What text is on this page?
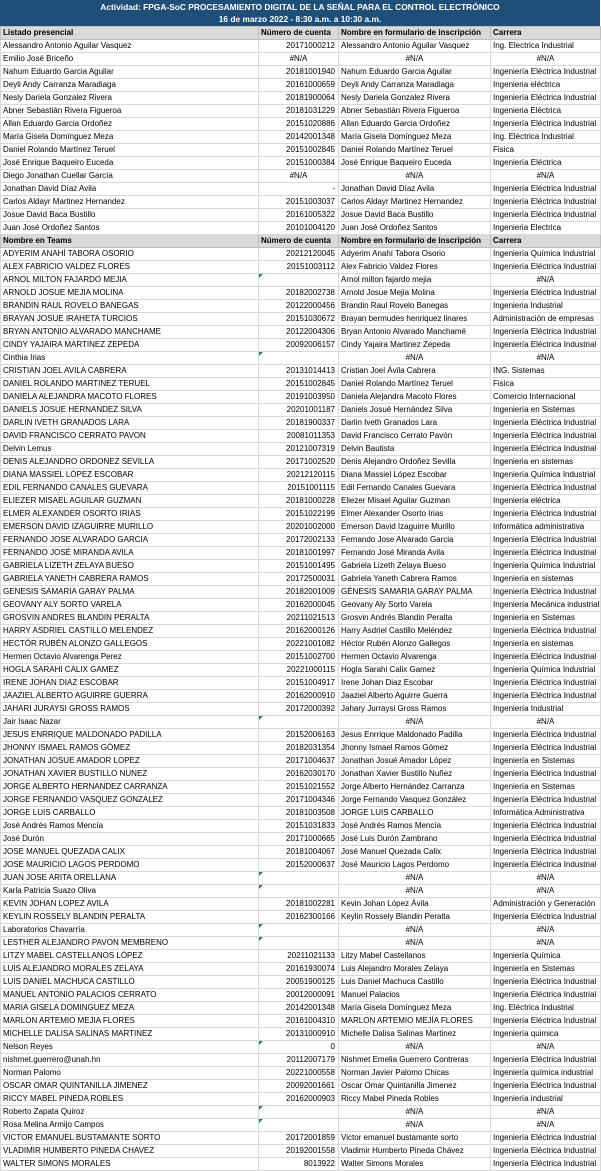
Actividad: FPGA-SoC PROCESAMIENTO DIGITAL DE LA SEÑAL PARA EL CONTROL ELECTRÓNICO
16 de marzo 2022 - 8:30 a.m. a 10:30 a.m.
Listado presencial	Número de cuenta	Nombre en formulario de inscripción	Carrera
Alessandro Antonio Aguilar Vasquez	20171000212	Alessandro Antonio Aguilar Vasquez	Ing. Electrica Industrial
Emilio José Briceño	#N/A	#N/A	#N/A
Nahum Eduardo Garcia Aguilar	20181001940	Nahum Eduardo Garcia Aguilar	Ingeniería Eléctrica Industrial
Deyli Andy Carranza Maradiaga	20161000659	Deyli Andy Carranza Maradiaga	Ingenieria eléctrica
Nesly Dariela Gonzalez Rivera	20181900064	Nesly Dariela Gonzalez Rivera	Ingeniería Eléctrica Industrial
Abner Sebastián Rivera Figueroa	20181031229	Abner Sebastián Rivera Figueroa	Ingenieria Eléctrica
Allan Eduardo Garcia Ordoñez	20151020886	Allan Eduardo Garcia Ordoñez	Ingeniería Eléctrica Industrial
María Gisela Domínguez Meza	20142001348	María Gisela Domínguez Meza	Ing. Eléctrica Industrial
Daniel Rolando Martínez Teruel	20151002845	Daniel Rolando Martínez Teruel	Fisica
José Enrique Baqueiro Euceda	20151000384	José Enrique Baqueiro Euceda	Ingeniería Eléctrica
Diego Jonathan Cuellar García	#N/A	#N/A	#N/A
Jonathan David Díaz Avila	-	Jonathan David Díaz Avila	Ingeniería Eléctrica Industrial
Carlos Aldayr Martinez Hernandez	20151003037	Carlos Aldayr Martinez Hernandez	Ingeniería Eléctrica Industrial
Josue David Baca Bustillo	20161005322	Josue David Baca Bustillo	Ingeniería Eléctrica Industrial
Juan José Ordoñez Santos	20101004120	Juan José Ordoñez Santos	Ingenieria Electrica
Nombre en Teams	Número de cuenta	Nombre en formulario de inscripción	Carrera
ADYERIM ANAHÍ TABORA OSORIO	20212120045	Adyerim Anahí Tabora Osorio	Ingeniería Química Industrial
ALEX FABRICIO VALDEZ FLORES	20151003112	Alex Fabricio Valdez Flores	Ingeniería Eléctrica Industrial
ARNOL MILTON FAJARDO MEJIA		Arnol milton fajardo mejia	#N/A
ARNOLD JOSUE MEJIA MOLINA	20182002738	Arnold Josue Mejia Molina	Ingeniería Eléctrica Industrial
BRANDIN RAUL ROVELO BANEGAS	20122000456	Brandin Raul Rovelo Banegas	Ingenieria Industrial
BRAYAN JOSUE IRAHETA TURCIOS	20151030672	Brayan bermudes henriquez linares	Administración de empresas
BRYAN ANTONIO ALVARADO MANCHAME	20122004306	Bryan Antonio Alvarado Manchamé	Ingeniería Eléctrica Industrial
CINDY YAJAIRA MARTINEZ ZEPEDA	20092006157	Cindy Yajaira Martinez Zepeda	Ingeniería Eléctrica Industrial
Cinthia Irias		#N/A	#N/A
CRISTIAN JOEL AVILA CABRERA	20131014413	Cristian Joel Ávila Cabrera	ING. Sistemas
DANIEL ROLANDO MARTINEZ TERUEL	20151002845	Daniel Rolando Martínez Teruel	Fisica
DANIELA ALEJANDRA MACOTO FLORES	20191003950	Daniela Alejandra Macoto Flores	Comercio Internacional
DANIELS JOSUE HERNANDEZ SILVA	20201001187	Daniels Josué Hernández Silva	Ingeniería en Sistemas
DARLIN IVETH GRANADOS LARA	20181900337	Darlin Iveth Granados Lara	Ingeniería Eléctrica Industrial
DAVID FRANCISCO CERRATO PAVON	20081011353	David Francisco Cerrato Pavón	Ingeniería Eléctrica Industrial
Delvin Lemus	20121007319	Delvin Bautista	Ingeniería Eléctrica Industrial
DENIS ALEJANDRO ORDONEZ SEVILLA	20171002520	Denis Alejandro Ordoñez Sevilla	Ingenieria en sistemas
DIANA MASSIEL LÓPEZ ESCOBAR	20212120115	Diana Massiel López Escobar	Ingeniería Química Industrial
EDIL FERNANDO CANALES GUEVARA	20151001115	Edil Fernando Canales Guevara	Ingeniería Eléctrica Industrial
ELIEZER MISAEL AGUILAR GUZMAN	20181000228	Eliezer Misael Aguilar Guzman	Ingeniería eléctrica
ELMER ALEXANDER OSORTO IRIAS	20151022199	Elmer Alexander Osorto Irias	Ingeniería Eléctrica Industrial
EMERSON DAVID IZAGUIRRE MURILLO	20201002000	Emerson David Izaguirre Murillo	Informática administrativa
FERNANDO JOSE ALVARADO GARCIA	20172002133	Fernando Jose Alvarado Garcia	Ingeniería Eléctrica Industrial
FERNANDO JOSÉ MIRANDA AVILA	20181001997	Fernando José Miranda Avila	Ingeniería Eléctrica Industrial
GABRIELA LIZETH ZELAYA BUESO	20151001495	Gabriela Lizeth Zelaya Bueso	Ingeniería Química Industrial
GABRIELA YANETH CABRERA RAMOS	20172500031	Gabriela Yaneth Cabrera Ramos	Ingeniería en sistemas
GENESIS SAMARIA GARAY PALMA	20182001009	GÉNESIS SAMARIA GARAY PALMA	Ingeniería Eléctrica Industrial
GEOVANY ALY SORTO VARELA	20162000045	Geovany Aly Sorto Varela	Ingeniería Mecánica industrial
GROSVIN ANDRES BLANDIN PERALTA	20211021513	Grosvin Andrés Blandin Peralta	Ingeniería en Sistemas
HARRY ASDRIEL CASTILLO MELENDEZ	20162000126	Harry Asdriel Castillo Meléndez	Ingeniería Eléctrica Industrial
HECTÓR RUBÉN ALONZO GALLEGOS	20221001082	Héctor Rubén Alonzo Gallegos	Ingeniería en sistemas
Hermen Octavio Alvarenga Perez	20151002700	Hermen Octavio Alvarenga	Ingeniería Eléctrica Industrial
HOGLA SARAHI CALIX GAMEZ	20221000115	Hogla Sarahi Calix Gamez	Ingeniería Química Industrial
IRENE JOHAN DIAZ ESCOBAR	20151004917	Irene Johan Diaz Escobar	Ingeniería Eléctrica Industrial
JAAZIEL ALBERTO AGUIRRE GUERRA	20162000910	Jaaziel Alberto Aguirre Guerra	Ingeniería Eléctrica Industrial
JAHARI JURAYSI GROSS RAMOS	20172000392	Jahary Jurraysi Gross Ramos	Ingeniería Industrial
Jair Isaac Nazar		#N/A	#N/A
JESUS ENRRIQUE MALDONADO PADILLA	20152006163	Jesus Enrrique Maldonado Padilla	Ingeniería Eléctrica Industrial
JHONNY ISMAEL RAMOS GÓMEZ	20182031354	Jhonny Ismael Ramos Gómez	Ingeniería Eléctrica Industrial
JONATHAN JOSUE AMADOR LOPEZ	20171004637	Jonathan Josué Amador López	Ingeniería en Sistemas
JONATHAN XAVIER BUSTILLO NUNEZ	20162030170	Jonathan Xavier Bustillo Nuñez	Ingeniería Eléctrica Industrial
JORGE ALBERTO HERNANDEZ CARRANZA	20151021552	Jorge Alberto Hernández Carranza	Ingeniería en Sistemas
JORGE FERNANDO VASQUEZ GONZALEZ	20171004346	Jorge Fernando Vasquez González	Ingeniería Eléctrica Industrial
JORGE LUIS CARBALLO	20181003508	JORGE LUIS CARBALLO	Informática Administrativa
José Andrés Ramos Mencía	20151031833	José Andrés Ramos Mencía	Ingeniería Eléctrica Industrial
José Durón	20171000665	José Luis Durón Zambrano	Ingeniería Eléctrica Industrial
JOSE MANUEL QUEZADA CALIX	20181004067	José Manuel Quezada Calix	Ingeniería Eléctrica Industrial
JOSE MAURICIO LAGOS PERDOMO	20152000637	José Mauricio Lagos Perdomo	Ingeniería Eléctrica Industrial
JUAN JOSE ARITA ORELLANA		#N/A	#N/A
Karla Patricia Suazo Oliva		#N/A	#N/A
KEVIN JOHAN LOPEZ AVILA	20181002281	Kevin Johan López Ávila	Administración y Generación
KEYLIN ROSSELY BLANDIN PERALTA	20162300166	Keylin Rossely Blandin Peralta	Ingeniería Eléctrica Industrial
Laboratorios Chavarría		#N/A	#N/A
LESTHER ALEJANDRO PAVON MEMBRENO		#N/A	#N/A
LITZY MABEL CASTELLANOS LÓPEZ	20211021133	Litzy Mabel Castellanos	Ingeniería Química
LUIS ALEJANDRO MORALES ZELAYA	20161930074	Luis Alejandro Morales Zelaya	Ingeniería en Sistemas
LUIS DANIEL MACHUCA CASTILLO	20051900125	Luis Daniel Machuca Castillo	Ingeniería Eléctrica Industrial
MANUEL ANTONIO PALACIOS CERRATO	20012000091	Manuel Palacios	Ingeniería Eléctrica Industrial
MARIA GISELA DOMINGUEZ MEZA	20142001348	María Gisela Domínguez Meza	Ing. Eléctrica Industrial
MARLON ARTEMIO MEJIA FLORES	20161004310	MARLON ARTEMIO MEJÍA FLORES	Ingeniería Eléctrica Industrial
MICHELLE DALISA SALINAS MARTINEZ	20131000910	Michelle Dalisa Salinas Martinez	Ingeniería quimica
Nelson Reyes	0	#N/A	#N/A
nishmet.guerrero@unah.hn	20112007179	Nishmet Emelia Guerrero Contreras	Ingeniería Eléctrica Industrial
Norman Palomo	20221000558	Norman Javier Palomo Chicas	Ingeniería química industrial
OSCAR OMAR QUINTANILLA JIMENEZ	20092001661	Oscar Omar Quintanilla Jimenez	Ingeniería Eléctrica Industrial
RICCY MABEL PINEDA ROBLES	20162000903	Riccy Mabel Pineda Robles	Ingeniería industrial
Roberto Zapata Quiroz		#N/A	#N/A
Rosa Melina Armijo Campos		#N/A	#N/A
VICTOR EMANUEL BUSTAMANTE SORTO	20172001859	Victor emanuel bustamante sorto	Ingeniería Eléctrica Industrial
VLADIMIR HUMBERTO PINEDA CHAVEZ	20192001558	Vladimir Humberto Pineda Chávez	Ingeniería Eléctrica Industrial
WALTER SIMONS MORALES	8013922	Walter Simons Morales	Ingeniería Eléctrica Industrial
